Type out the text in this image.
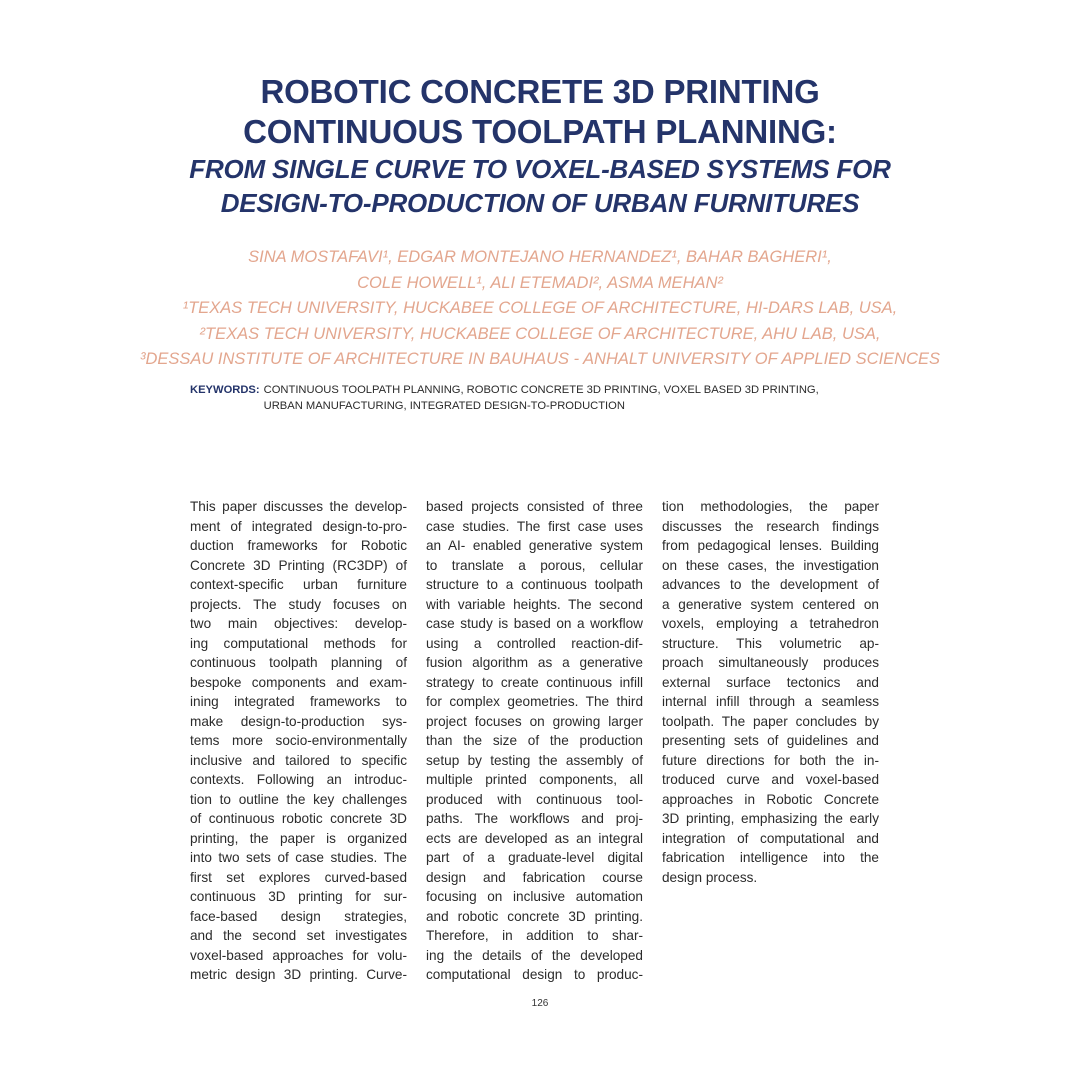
ROBOTIC CONCRETE 3D PRINTING
CONTINUOUS TOOLPATH PLANNING:
FROM SINGLE CURVE TO VOXEL-BASED SYSTEMS FOR
DESIGN-TO-PRODUCTION OF URBAN FURNITURES
SINA MOSTAFAVI¹, EDGAR MONTEJANO HERNANDEZ¹, BAHAR BAGHERI¹,
COLE HOWELL¹, ALI ETEMADI², ASMA MEHAN²
¹TEXAS TECH UNIVERSITY, HUCKABEE COLLEGE OF ARCHITECTURE, HI-DARS LAB, USA,
²TEXAS TECH UNIVERSITY, HUCKABEE COLLEGE OF ARCHITECTURE, AHU LAB, USA,
³DESSAU INSTITUTE OF ARCHITECTURE IN BAUHAUS - ANHALT UNIVERSITY OF APPLIED SCIENCES
KEYWORDS: CONTINUOUS TOOLPATH PLANNING, ROBOTIC CONCRETE 3D PRINTING, VOXEL BASED 3D PRINTING,
URBAN MANUFACTURING, INTEGRATED DESIGN-TO-PRODUCTION
This paper discusses the develop-
ment of integrated design-to-pro-
duction frameworks for Robotic
Concrete 3D Printing (RC3DP) of
context-specific urban furniture
projects. The study focuses on
two main objectives: develop-
ing computational methods for
continuous toolpath planning of
bespoke components and exam-
ining integrated frameworks to
make design-to-production sys-
tems more socio-environmentally
inclusive and tailored to specific
contexts. Following an introduc-
tion to outline the key challenges
of continuous robotic concrete 3D
printing, the paper is organized
into two sets of case studies. The
first set explores curved-based
continuous 3D printing for sur-
face-based design strategies,
and the second set investigates
voxel-based approaches for volu-
metric design 3D printing. Curve-
based projects consisted of three
case studies. The first case uses
an AI- enabled generative system
to translate a porous, cellular
structure to a continuous toolpath
with variable heights. The second
case study is based on a workflow
using a controlled reaction-dif-
fusion algorithm as a generative
strategy to create continuous infill
for complex geometries. The third
project focuses on growing larger
than the size of the production
setup by testing the assembly of
multiple printed components, all
produced with continuous tool-
paths. The workflows and proj-
ects are developed as an integral
part of a graduate-level digital
design and fabrication course
focusing on inclusive automation
and robotic concrete 3D printing.
Therefore, in addition to shar-
ing the details of the developed
computational design to produc-
tion methodologies, the paper
discusses the research findings
from pedagogical lenses. Building
on these cases, the investigation
advances to the development of
a generative system centered on
voxels, employing a tetrahedron
structure. This volumetric ap-
proach simultaneously produces
external surface tectonics and
internal infill through a seamless
toolpath. The paper concludes by
presenting sets of guidelines and
future directions for both the in-
troduced curve and voxel-based
approaches in Robotic Concrete
3D printing, emphasizing the early
integration of computational and
fabrication intelligence into the
design process.
126
